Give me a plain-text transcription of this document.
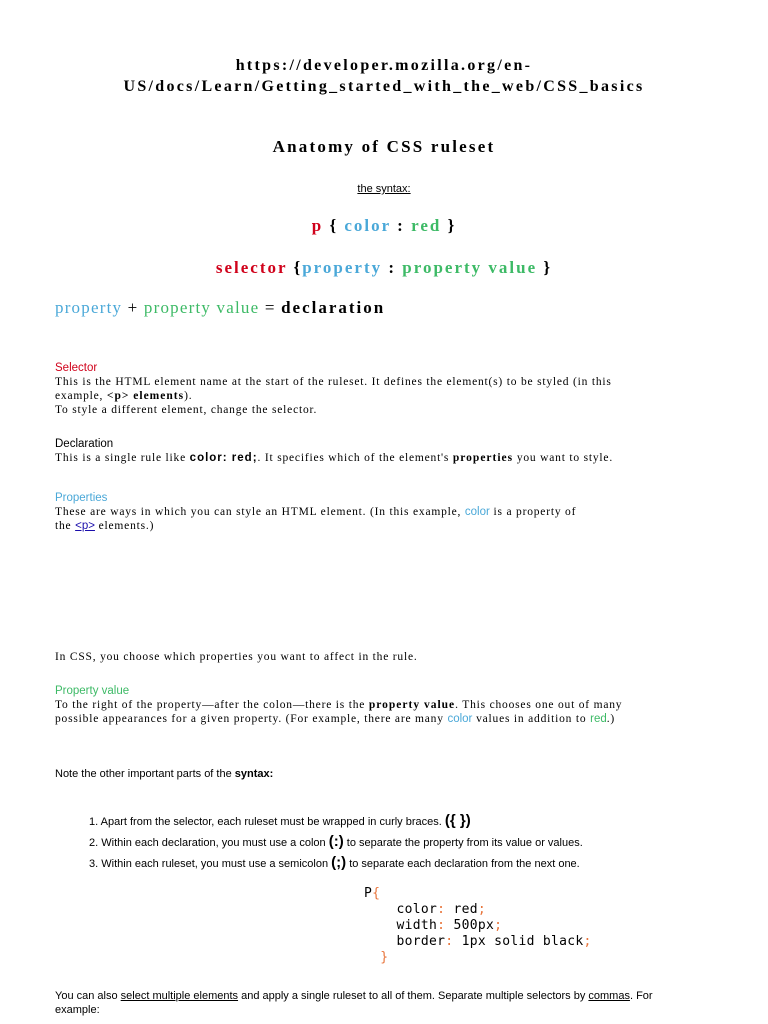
https://developer.mozilla.org/en-
US/docs/Learn/Getting_started_with_the_web/CSS_basics
Anatomy of CSS ruleset
the syntax:
p { color : red }
selector {property : property value }
property + property value = declaration
Selector
This is the HTML element name at the start of the ruleset. It defines the element(s) to be styled (in this
example, <p> elements).
To style a different element, change the selector.
Declaration
This is a single rule like color: red;. It specifies which of the element's properties you want to style.
Properties
These are ways in which you can style an HTML element. (In this example, color is a property of
the <p> elements.)
In CSS, you choose which properties you want to affect in the rule.
Property value
To the right of the property—after the colon—there is the property value. This chooses one out of many
possible appearances for a given property. (For example, there are many color values in addition to red.)
Note the other important parts of the syntax:
1. Apart from the selector, each ruleset must be wrapped in curly braces. ({ })
2. Within each declaration, you must use a colon (:) to separate the property from its value or values.
3. Within each ruleset, you must use a semicolon (;) to separate each declaration from the next one.
P{
color: red;
width: 500px;
border: 1px solid black;
}
You can also select multiple elements and apply a single ruleset to all of them. Separate multiple selectors by commas. For
example:
